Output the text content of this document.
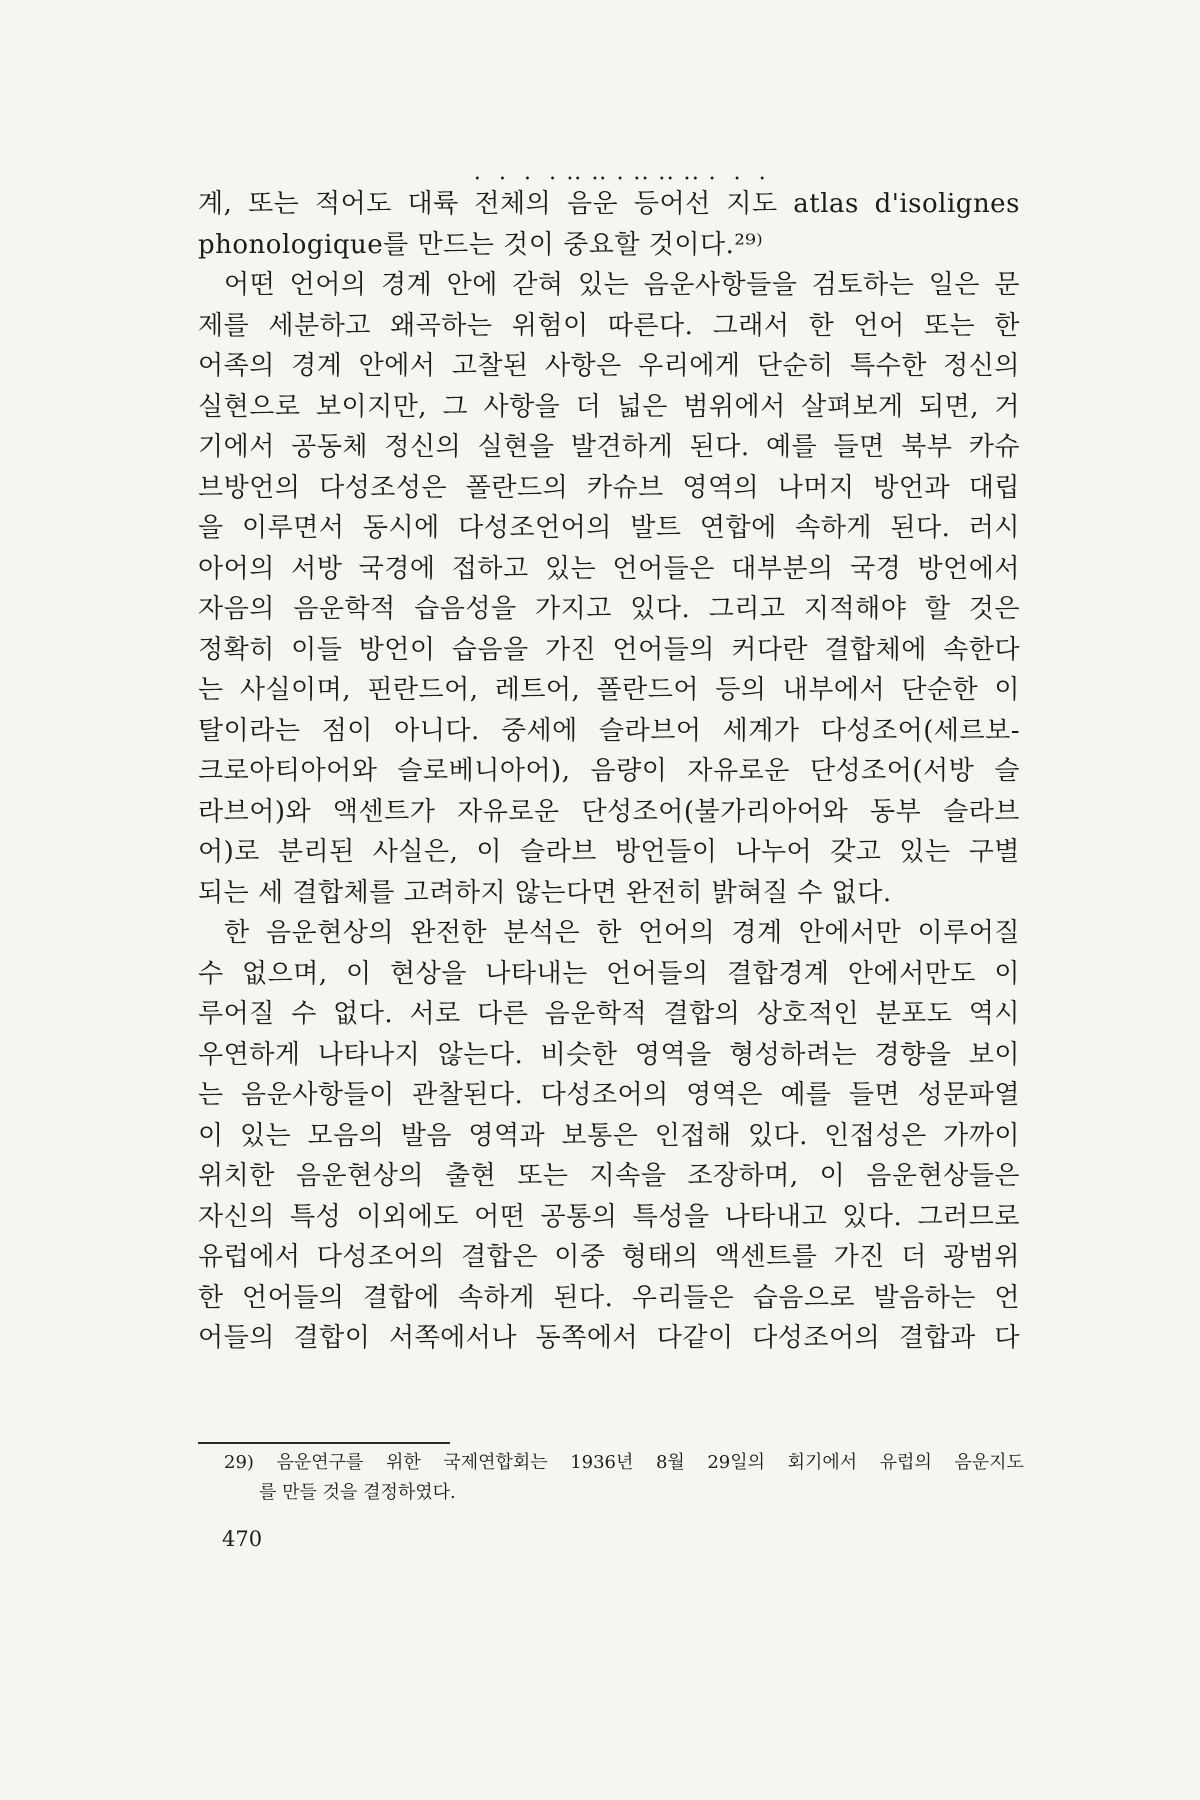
계, 또는 적어도 대륙 • • • 전체의 • • • 음운 • • • 등어선 지도 atlas d'isolignes
phonologique를 만드는 것이 중요할 것이다.²⁹⁾
어떤 언어의 경계 안에 갇혀 있는 음운사항들을 검토하는 일은 문
제를 세분하고 왜곡하는 위험이 따른다. 그래서 한 언어 또는 한
어족의 경계 안에서 고찰된 사항은 우리에게 단순히 특수한 정신의
실현으로 보이지만, 그 사항을 더 넓은 범위에서 살펴보게 되면, 거
기에서 공동체 정신의 실현을 발견하게 된다. 예를 들면 북부 카슈
브방언의 다성조성은 폴란드의 카슈브 영역의 나머지 방언과 대립
을 이루면서 동시에 다성조언어의 발트 연합에 속하게 된다. 러시
아어의 서방 국경에 접하고 있는 언어들은 대부분의 국경 방언에서
자음의 음운학적 습음성을 가지고 있다. 그리고 지적해야 할 것은
정확히 이들 방언이 습음을 가진 언어들의 커다란 결합체에 속한다
는 사실이며, 핀란드어, 레트어, 폴란드어 등의 내부에서 단순한 이
탈이라는 점이 아니다. 중세에 슬라브어 세계가 다성조어(세르보-
크로아티아어와 슬로베니아어), 음량이 자유로운 단성조어(서방 슬
라브어)와 액센트가 자유로운 단성조어(불가리아어와 동부 슬라브
어)로 분리된 사실은, 이 슬라브 방언들이 나누어 갖고 있는 구별
되는 세 결합체를 고려하지 않는다면 완전히 밝혀질 수 없다.
한 음운현상의 완전한 분석은 한 언어의 경계 안에서만 이루어질
수 없으며, 이 현상을 나타내는 언어들의 결합경계 안에서만도 이
루어질 수 없다. 서로 다른 음운학적 결합의 상호적인 분포도 역시
우연하게 나타나지 않는다. 비슷한 영역을 형성하려는 경향을 보이
는 음운사항들이 관찰된다. 다성조어의 영역은 예를 들면 성문파열
이 있는 모음의 발음 영역과 보통은 인접해 있다. 인접성은 가까이
위치한 음운현상의 출현 또는 지속을 조장하며, 이 음운현상들은
자신의 특성 이외에도 어떤 공통의 특성을 나타내고 있다. 그러므로
유럽에서 다성조어의 결합은 이중 형태의 액센트를 가진 더 광범위
한 언어들의 결합에 속하게 된다. 우리들은 습음으로 발음하는 언
어들의 결합이 서쪽에서나 동쪽에서 다같이 다성조어의 결합과 다
29) 음운연구를 위한 국제연합회는 1936년 8월 29일의 회기에서 유럽의 음운지도
를 만들 것을 결정하였다.
470
